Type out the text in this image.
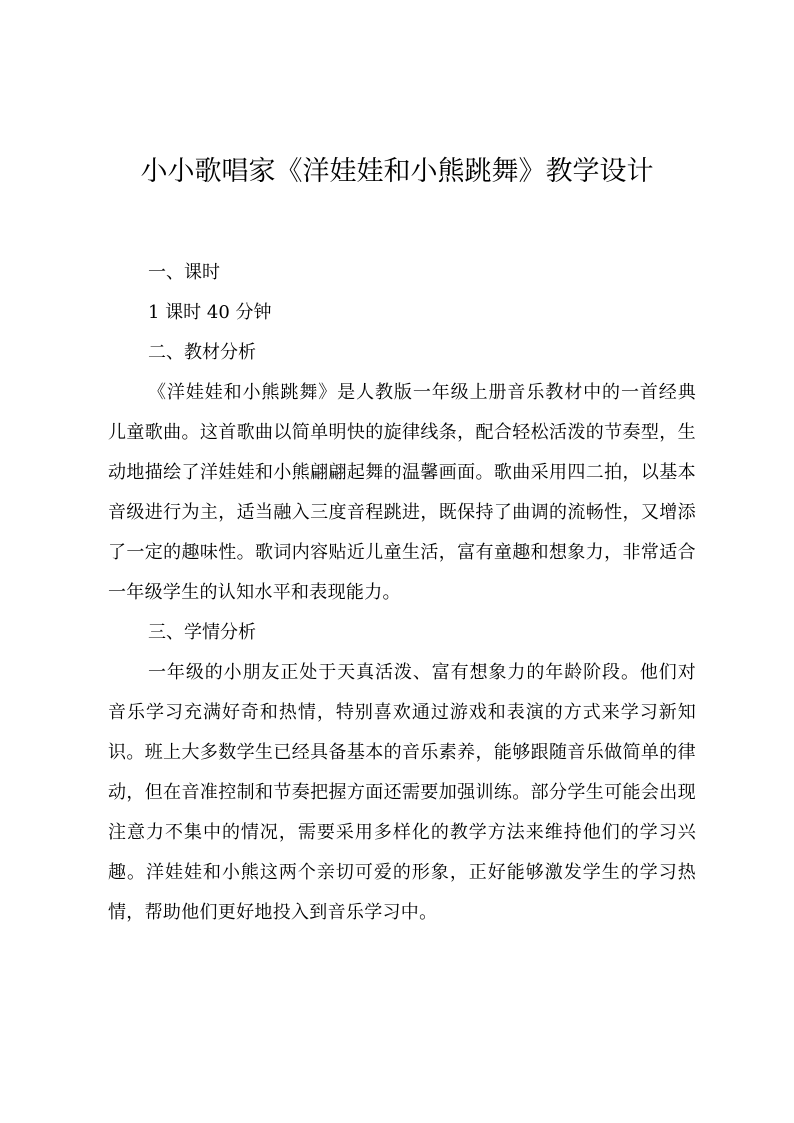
小小歌唱家《洋娃娃和小熊跳舞》教学设计
一、课时
1 课时 40 分钟
二、教材分析

《洋娃娃和小熊跳舞》是人教版一年级上册音乐教材中的一首经典儿童歌曲。这首歌曲以简单明快的旋律线条，配合轻松活泼的节奏型，生动地描绘了洋娃娃和小熊翩翩起舞的温馨画面。歌曲采用四二拍，以基本音级进行为主，适当融入三度音程跳进，既保持了曲调的流畅性，又增添了一定的趣味性。歌词内容贴近儿童生活，富有童趣和想象力，非常适合一年级学生的认知水平和表现能力。

三、学情分析

一年级的小朋友正处于天真活泼、富有想象力的年龄阶段。他们对音乐学习充满好奇和热情，特别喜欢通过游戏和表演的方式来学习新知识。班上大多数学生已经具备基本的音乐素养，能够跟随音乐做简单的律动，但在音准控制和节奏把握方面还需要加强训练。部分学生可能会出现注意力不集中的情况，需要采用多样化的教学方法来维持他们的学习兴趣。洋娃娃和小熊这两个亲切可爱的形象，正好能够激发学生的学习热情，帮助他们更好地投入到音乐学习中。
